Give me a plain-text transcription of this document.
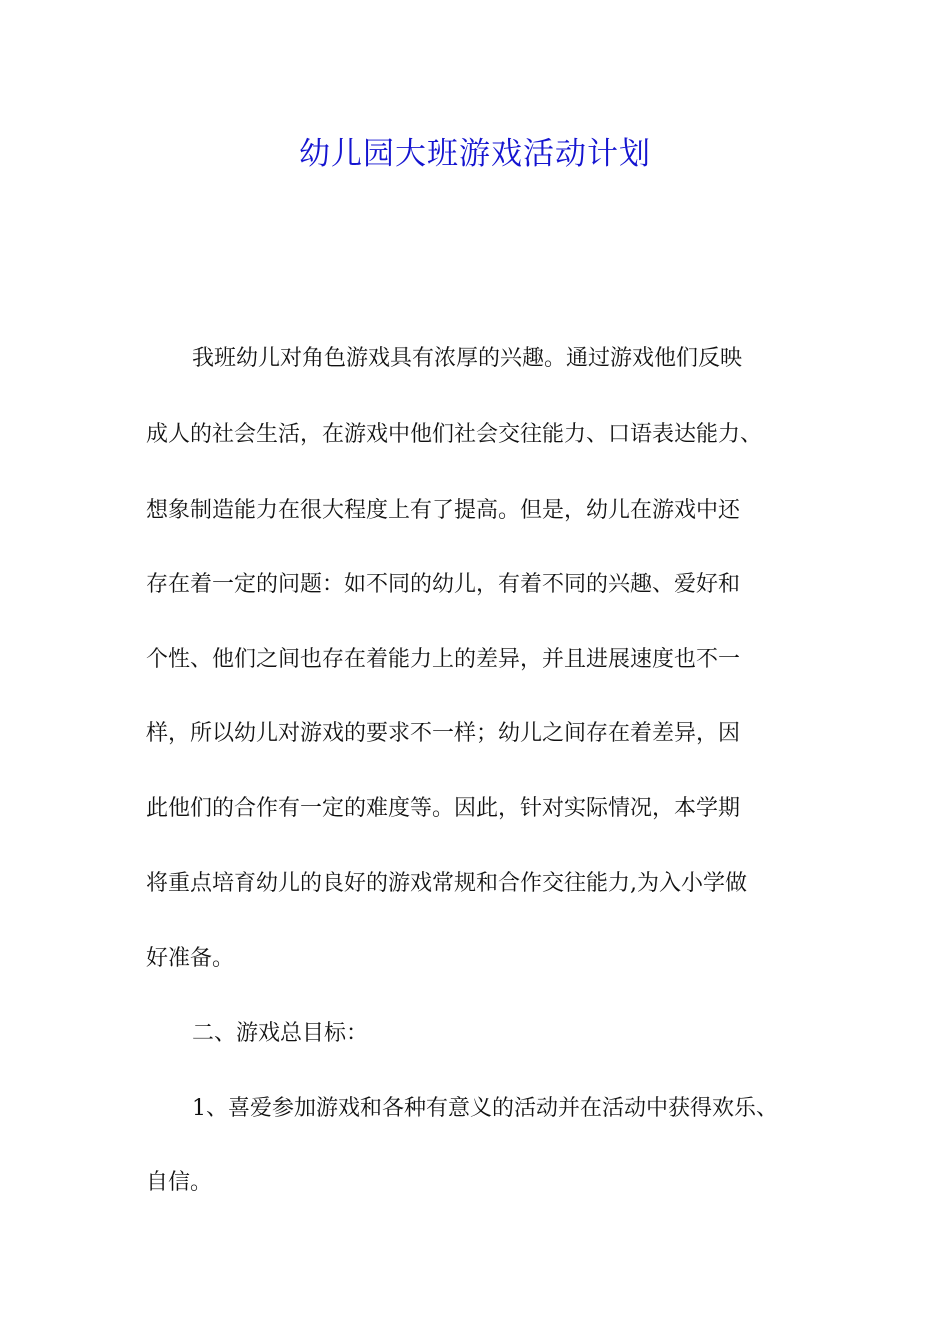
幼儿园大班游戏活动计划
我班幼儿对角色游戏具有浓厚的兴趣。通过游戏他们反映
成人的社会生活，在游戏中他们社会交往能力、口语表达能力、
想象制造能力在很大程度上有了提高。但是，幼儿在游戏中还
存在着一定的问题：如不同的幼儿，有着不同的兴趣、爱好和
个性、他们之间也存在着能力上的差异，并且进展速度也不一
样，所以幼儿对游戏的要求不一样；幼儿之间存在着差异，因
此他们的合作有一定的难度等。因此，针对实际情况，本学期
将重点培育幼儿的良好的游戏常规和合作交往能力,为入小学做
好准备。
二、游戏总目标：
1、喜爱参加游戏和各种有意义的活动并在活动中获得欢乐、
自信。
